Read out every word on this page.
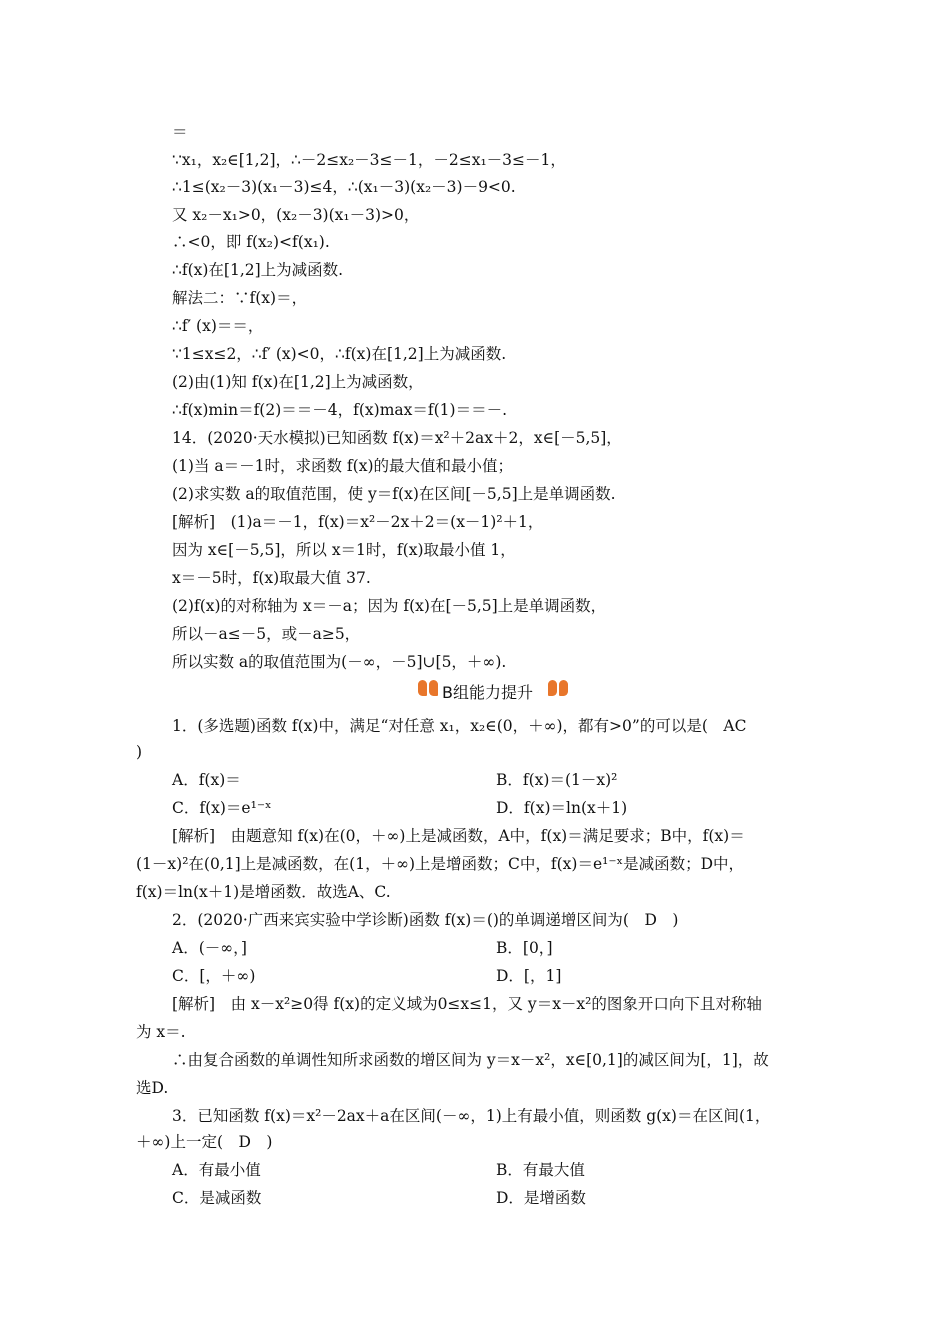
＝
∵x₁，x₂∈[1,2]，∴－2≤x₂－3≤－1，－2≤x₁－3≤－1，
∴1≤(x₂－3)(x₁－3)≤4，∴(x₁－3)(x₂－3)－9<0.
又 x₂－x₁>0，(x₂－3)(x₁－3)>0，
∴<0，即 f(x₂)<f(x₁).
∴f(x)在[1,2]上为减函数.
解法二：∵f(x)＝，
∴f′ (x)＝＝，
∵1≤x≤2，∴f′ (x)<0，∴f(x)在[1,2]上为减函数.
(2)由(1)知 f(x)在[1,2]上为减函数，
∴f(x)min＝f(2)＝＝－4，f(x)max＝f(1)＝＝－.
14．(2020·天水模拟)已知函数 f(x)＝x²＋2ax＋2，x∈[－5,5]，
(1)当 a＝－1时，求函数 f(x)的最大值和最小值；
(2)求实数 a的取值范围，使 y＝f(x)在区间[－5,5]上是单调函数.
[解析]　(1)a＝－1，f(x)＝x²－2x＋2＝(x－1)²＋1，
因为 x∈[－5,5]，所以 x＝1时，f(x)取最小值 1，
x＝－5时，f(x)取最大值 37.
(2)f(x)的对称轴为 x＝－a；因为 f(x)在[－5,5]上是单调函数，
所以－a≤－5，或－a≥5，
所以实数 a的取值范围为(－∞，－5]∪[5，＋∞).
B组能力提升
1．(多选题)函数 f(x)中，满足“对任意 x₁，x₂∈(0，＋∞)，都有>0”的可以是(　AC
)
A．f(x)＝	B．f(x)＝(1－x)²
C．f(x)＝e¹⁻ˣ	D．f(x)＝ln(x＋1)
[解析]　由题意知 f(x)在(0，＋∞)上是减函数，A中，f(x)＝满足要求；B中，f(x)＝
(1－x)²在(0,1]上是减函数，在(1，＋∞)上是增函数；C中，f(x)＝e¹⁻ˣ是减函数；D中，
f(x)＝ln(x＋1)是增函数．故选A、C.
2．(2020·广西来宾实验中学诊断)函数 f(x)＝()的单调递增区间为(　D　)
A．(－∞，]	B．[0，]
C．[，＋∞)	D．[，1]
[解析]　由 x－x²≥0得 f(x)的定义域为0≤x≤1，又 y＝x－x²的图象开口向下且对称轴
为 x＝.
∴由复合函数的单调性知所求函数的增区间为 y＝x－x²，x∈[0,1]的减区间为[，1]，故
选D.
3．已知函数 f(x)＝x²－2ax＋a在区间(－∞，1)上有最小值，则函数 g(x)＝在区间(1，
＋∞)上一定(　D　)
A．有最小值	B．有最大值
C．是减函数	D．是增函数
